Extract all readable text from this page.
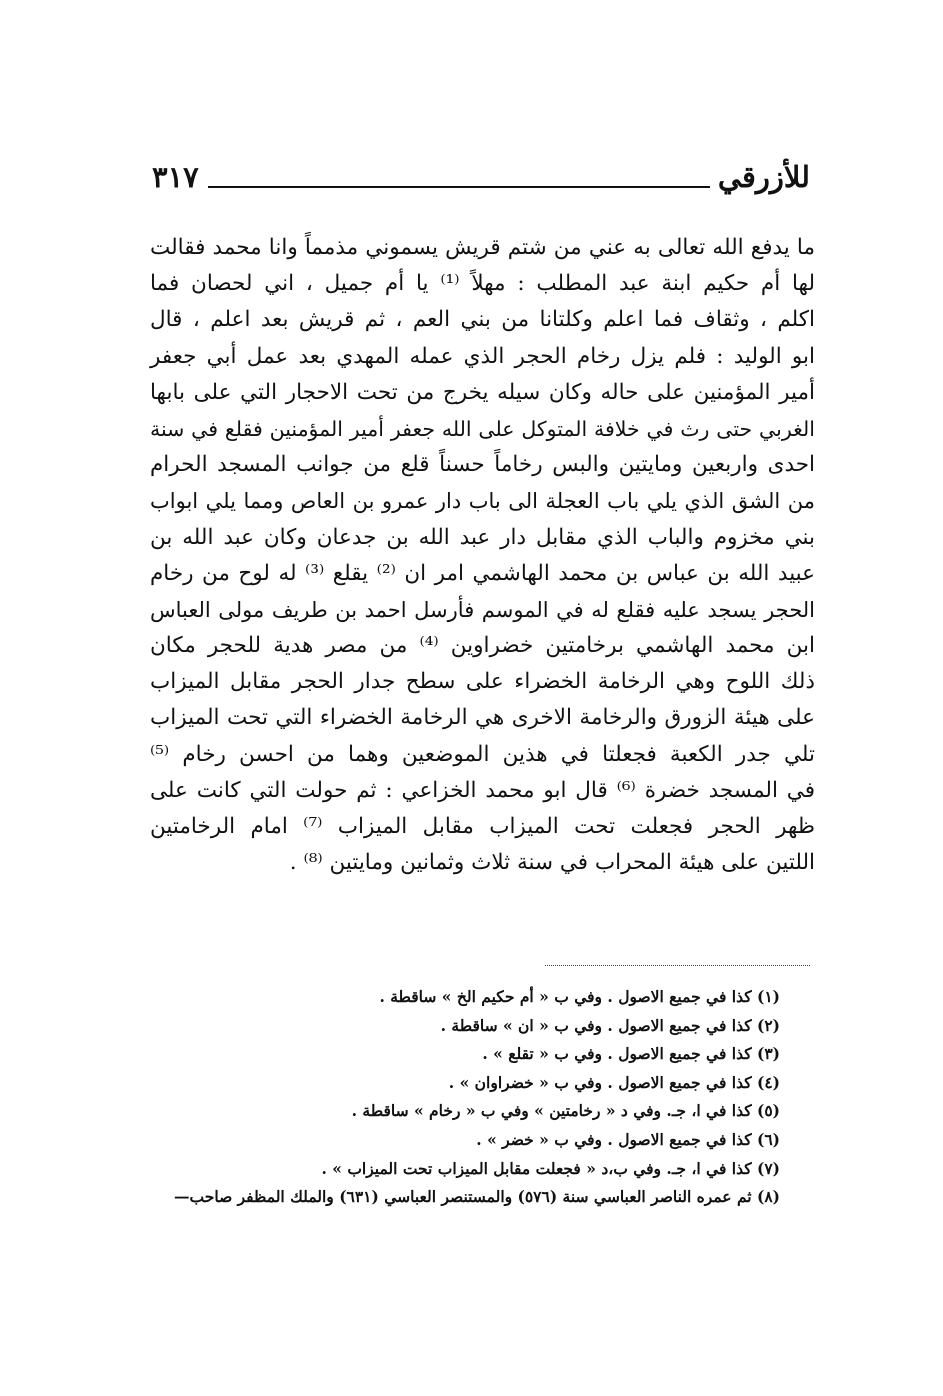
٣١٧	للأزرقي
ما يدفع الله تعالى به عني من شتم قريش يسموني مذمماً وانا محمد فقالت
لها أم حكيم ابنة عبد المطلب : مهلاً ⁽¹⁾ يا أم جميل ، اني لحصان فما
اكلم ، وثقاف فما اعلم وكلتانا من بني العم ، ثم قريش بعد اعلم ، قال
ابو الوليد : فلم يزل رخام الحجر الذي عمله المهدي بعد عمل أبي جعفر
أمير المؤمنين على حاله وكان سيله يخرج من تحت الاحجار التي على بابها
الغربي حتى رث في خلافة المتوكل على الله جعفر أمير المؤمنين فقلع في سنة
احدى واربعين ومايتين والبس رخاماً حسناً قلع من جوانب المسجد الحرام
من الشق الذي يلي باب العجلة الى باب دار عمرو بن العاص ومما يلي ابواب
بني مخزوم والباب الذي مقابل دار عبد الله بن جدعان وكان عبد الله بن
عبيد الله بن عباس بن محمد الهاشمي امر ان ⁽²⁾ يقلع ⁽³⁾ له لوح من رخام
الحجر يسجد عليه فقلع له في الموسم فأرسل احمد بن طريف مولى العباس
ابن محمد الهاشمي برخامتين خضراوين ⁽⁴⁾ من مصر هدية للحجر مكان
ذلك اللوح وهي الرخامة الخضراء على سطح جدار الحجر مقابل الميزاب
على هيئة الزورق والرخامة الاخرى هي الرخامة الخضراء التي تحت الميزاب
تلي جدر الكعبة فجعلتا في هذين الموضعين وهما من احسن رخام ⁽⁵⁾
في المسجد خضرة ⁽⁶⁾ قال ابو محمد الخزاعي : ثم حولت التي كانت على
ظهر الحجر فجعلت تحت الميزاب مقابل الميزاب ⁽⁷⁾ امام الرخامتين
اللتين على هيئة المحراب في سنة ثلاث وثمانين ومايتين ⁽⁸⁾ .
(١) كذا في جميع الاصول . وفي ب « أم حكيم الخ » ساقطة .
(٢) كذا في جميع الاصول . وفي ب « ان » ساقطة .
(٣) كذا في جميع الاصول . وفي ب « تقلع » .
(٤) كذا في جميع الاصول . وفي ب « خضراوان » .
(٥) كذا في ا، جـ. وفي د « رخامتين » وفي ب « رخام » ساقطة .
(٦) كذا في جميع الاصول . وفي ب « خضر » .
(٧) كذا في ا، جـ. وفي ب،د « فجعلت مقابل الميزاب تحت الميزاب » .
(٨) ثم عمره الناصر العباسي سنة (٥٧٦) والمستنصر العباسي (٦٣١) والملك المظفر صاحب—
